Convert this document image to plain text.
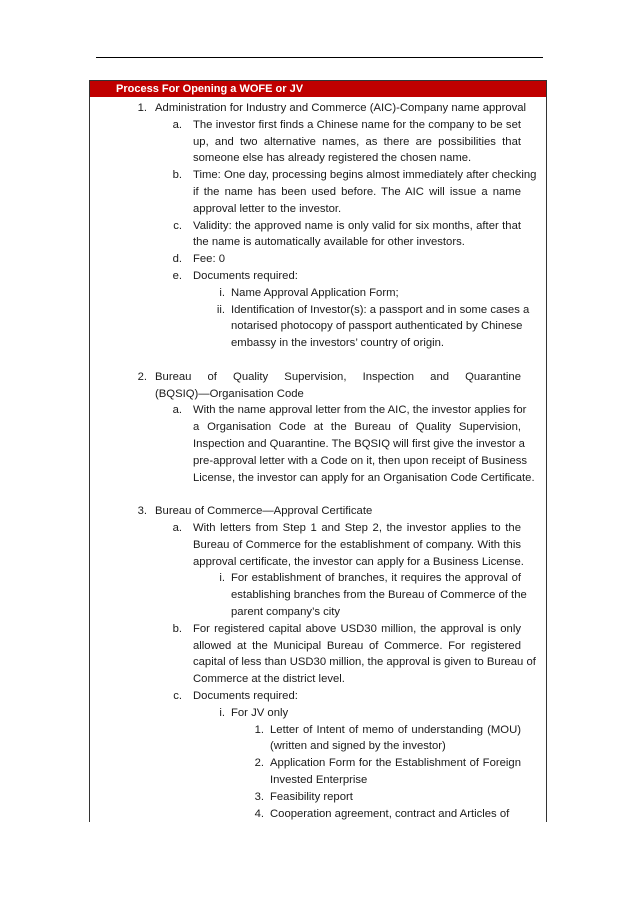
Process For Opening a WOFE or JV
1. Administration for Industry and Commerce (AIC)-Company name approval
a. The investor first finds a Chinese name for the company to be set
up, and two alternative names, as there are possibilities that
someone else has already registered the chosen name.
b. Time: One day, processing begins almost immediately after checking
if the name has been used before. The AIC will issue a name
approval letter to the investor.
c. Validity: the approved name is only valid for six months, after that
the name is automatically available for other investors.
d. Fee: 0
e. Documents required:
i. Name Approval Application Form;
ii. Identification of Investor(s): a passport and in some cases a
notarised photocopy of passport authenticated by Chinese
embassy in the investors’ country of origin.
2. Bureau of Quality Supervision, Inspection and Quarantine
(BQSIQ)—Organisation Code
a. With the name approval letter from the AIC, the investor applies for
a Organisation Code at the Bureau of Quality Supervision,
Inspection and Quarantine. The BQSIQ will first give the investor a
pre-approval letter with a Code on it, then upon receipt of Business
License, the investor can apply for an Organisation Code Certificate.
3. Bureau of Commerce—Approval Certificate
a. With letters from Step 1 and Step 2, the investor applies to the
Bureau of Commerce for the establishment of company. With this
approval certificate, the investor can apply for a Business License.
i. For establishment of branches, it requires the approval of
establishing branches from the Bureau of Commerce of the
parent company’s city
b. For registered capital above USD30 million, the approval is only
allowed at the Municipal Bureau of Commerce. For registered
capital of less than USD30 million, the approval is given to Bureau of
Commerce at the district level.
c. Documents required:
i. For JV only
1. Letter of Intent of memo of understanding (MOU)
(written and signed by the investor)
2. Application Form for the Establishment of Foreign
Invested Enterprise
3. Feasibility report
4. Cooperation agreement, contract and Articles of
